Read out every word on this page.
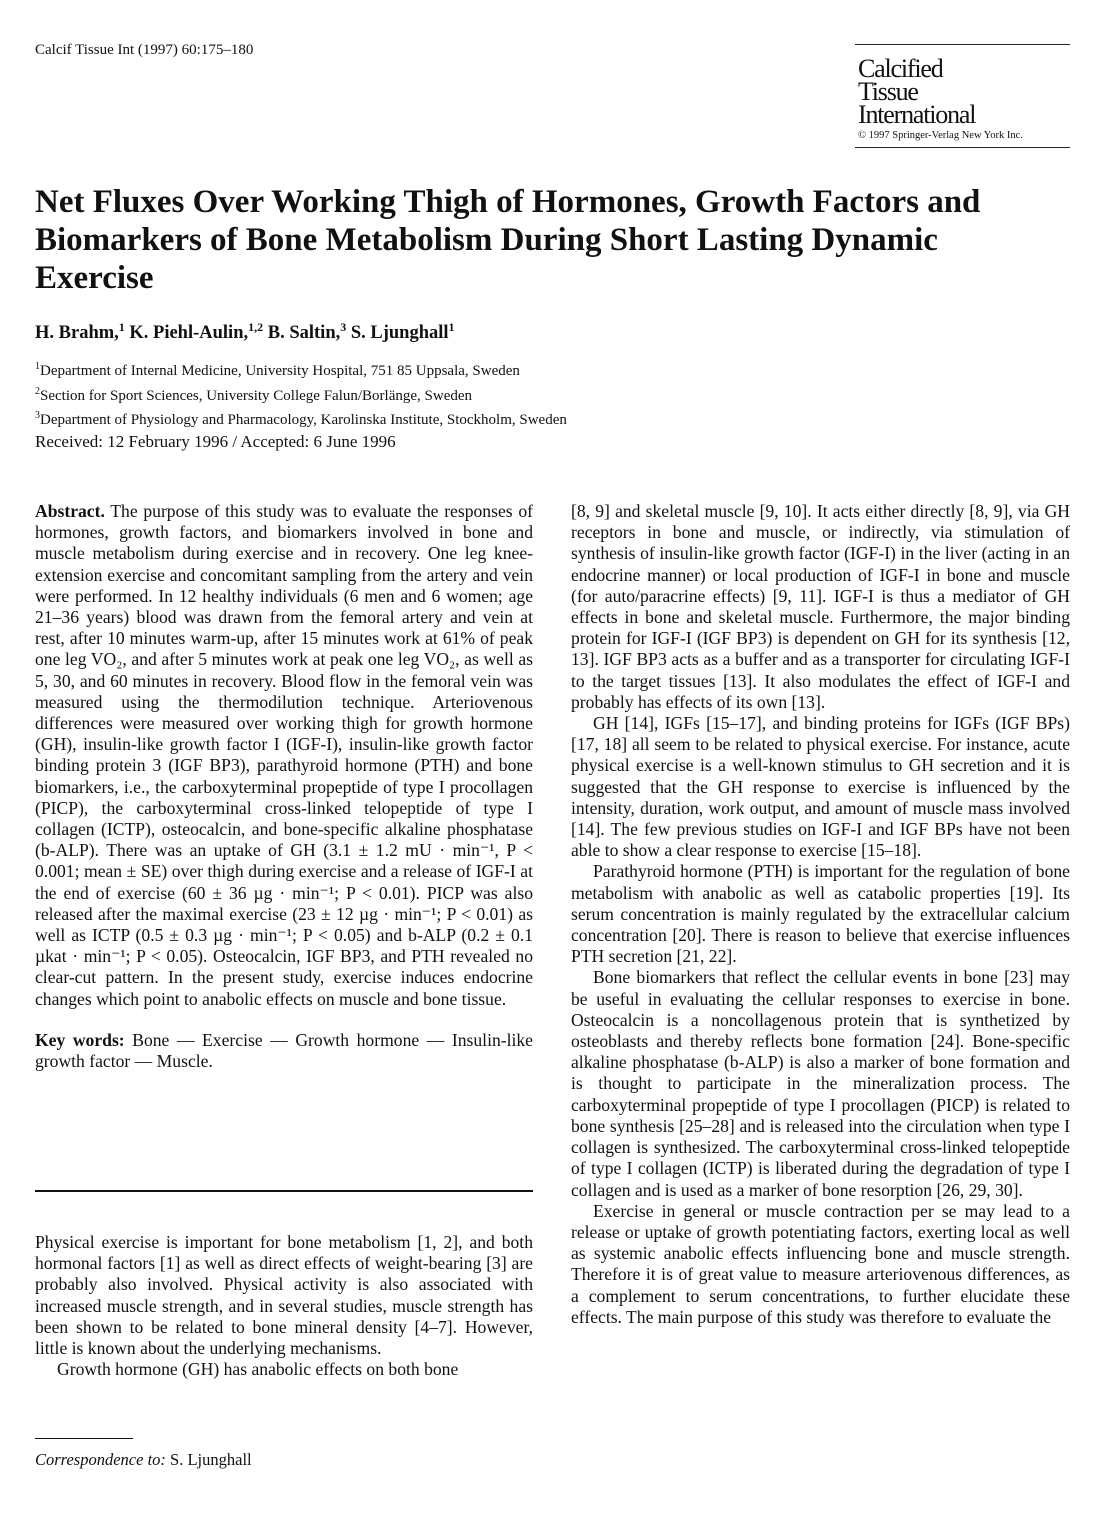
Calcif Tissue Int (1997) 60:175–180
Calcified
Tissue
International
© 1997 Springer-Verlag New York Inc.
Net Fluxes Over Working Thigh of Hormones, Growth Factors and Biomarkers of Bone Metabolism During Short Lasting Dynamic Exercise
H. Brahm,$^1$ K. Piehl-Aulin,$^{1,2}$ B. Saltin,$^3$ S. Ljunghall$^1$
$^1$Department of Internal Medicine, University Hospital, 751 85 Uppsala, Sweden
$^2$Section for Sport Sciences, University College Falun/Borlänge, Sweden
$^3$Department of Physiology and Pharmacology, Karolinska Institute, Stockholm, Sweden
Received: 12 February 1996 / Accepted: 6 June 1996

Abstract. The purpose of this study was to evaluate the responses of hormones, growth factors, and biomarkers involved in bone and muscle metabolism during exercise and in recovery. One leg knee-extension exercise and concomitant sampling from the artery and vein were performed. In 12 healthy individuals (6 men and 6 women; age 21–36 years) blood was drawn from the femoral artery and vein at rest, after 10 minutes warm-up, after 15 minutes work at 61% of peak one leg VO₂, and after 5 minutes work at peak one leg VO₂, as well as 5, 30, and 60 minutes in recovery. Blood flow in the femoral vein was measured using the thermodilution technique. Arteriovenous differences were measured over working thigh for growth hormone (GH), insulin-like growth factor I (IGF-I), insulin-like growth factor binding protein 3 (IGF BP3), parathyroid hormone (PTH) and bone biomarkers, i.e., the carboxyterminal propeptide of type I procollagen (PICP), the carboxyterminal cross-linked telopeptide of type I collagen (ICTP), osteocalcin, and bone-specific alkaline phosphatase (b-ALP). There was an uptake of GH (3.1 ± 1.2 mU · min⁻¹, P < 0.001; mean ± SE) over thigh during exercise and a release of IGF-I at the end of exercise (60 ± 36 µg · min⁻¹; P < 0.01). PICP was also released after the maximal exercise (23 ± 12 µg · min⁻¹; P < 0.01) as well as ICTP (0.5 ± 0.3 µg · min⁻¹; P < 0.05) and b-ALP (0.2 ± 0.1 µkat · min⁻¹; P < 0.05). Osteocalcin, IGF BP3, and PTH revealed no clear-cut pattern. In the present study, exercise induces endocrine changes which point to anabolic effects on muscle and bone tissue.

Key words: Bone — Exercise — Growth hormone — Insulin-like growth factor — Muscle.

Physical exercise is important for bone metabolism [1, 2], and both hormonal factors [1] as well as direct effects of weight-bearing [3] are probably also involved. Physical activity is also associated with increased muscle strength, and in several studies, muscle strength has been shown to be related to bone mineral density [4–7]. However, little is known about the underlying mechanisms.

Growth hormone (GH) has anabolic effects on both bone

Correspondence to: S. Ljunghall

[8, 9] and skeletal muscle [9, 10]. It acts either directly [8, 9], via GH receptors in bone and muscle, or indirectly, via stimulation of synthesis of insulin-like growth factor (IGF-I) in the liver (acting in an endocrine manner) or local production of IGF-I in bone and muscle (for auto/paracrine effects) [9, 11]. IGF-I is thus a mediator of GH effects in bone and skeletal muscle. Furthermore, the major binding protein for IGF-I (IGF BP3) is dependent on GH for its synthesis [12, 13]. IGF BP3 acts as a buffer and as a transporter for circulating IGF-I to the target tissues [13]. It also modulates the effect of IGF-I and probably has effects of its own [13].

GH [14], IGFs [15–17], and binding proteins for IGFs (IGF BPs) [17, 18] all seem to be related to physical exercise. For instance, acute physical exercise is a well-known stimulus to GH secretion and it is suggested that the GH response to exercise is influenced by the intensity, duration, work output, and amount of muscle mass involved [14]. The few previous studies on IGF-I and IGF BPs have not been able to show a clear response to exercise [15–18].

Parathyroid hormone (PTH) is important for the regulation of bone metabolism with anabolic as well as catabolic properties [19]. Its serum concentration is mainly regulated by the extracellular calcium concentration [20]. There is reason to believe that exercise influences PTH secretion [21, 22].

Bone biomarkers that reflect the cellular events in bone [23] may be useful in evaluating the cellular responses to exercise in bone. Osteocalcin is a noncollagenous protein that is synthetized by osteoblasts and thereby reflects bone formation [24]. Bone-specific alkaline phosphatase (b-ALP) is also a marker of bone formation and is thought to participate in the mineralization process. The carboxyterminal propeptide of type I procollagen (PICP) is related to bone synthesis [25–28] and is released into the circulation when type I collagen is synthesized. The carboxyterminal cross-linked telopeptide of type I collagen (ICTP) is liberated during the degradation of type I collagen and is used as a marker of bone resorption [26, 29, 30].

Exercise in general or muscle contraction per se may lead to a release or uptake of growth potentiating factors, exerting local as well as systemic anabolic effects influencing bone and muscle strength. Therefore it is of great value to measure arteriovenous differences, as a complement to serum concentrations, to further elucidate these effects. The main purpose of this study was therefore to evaluate the
